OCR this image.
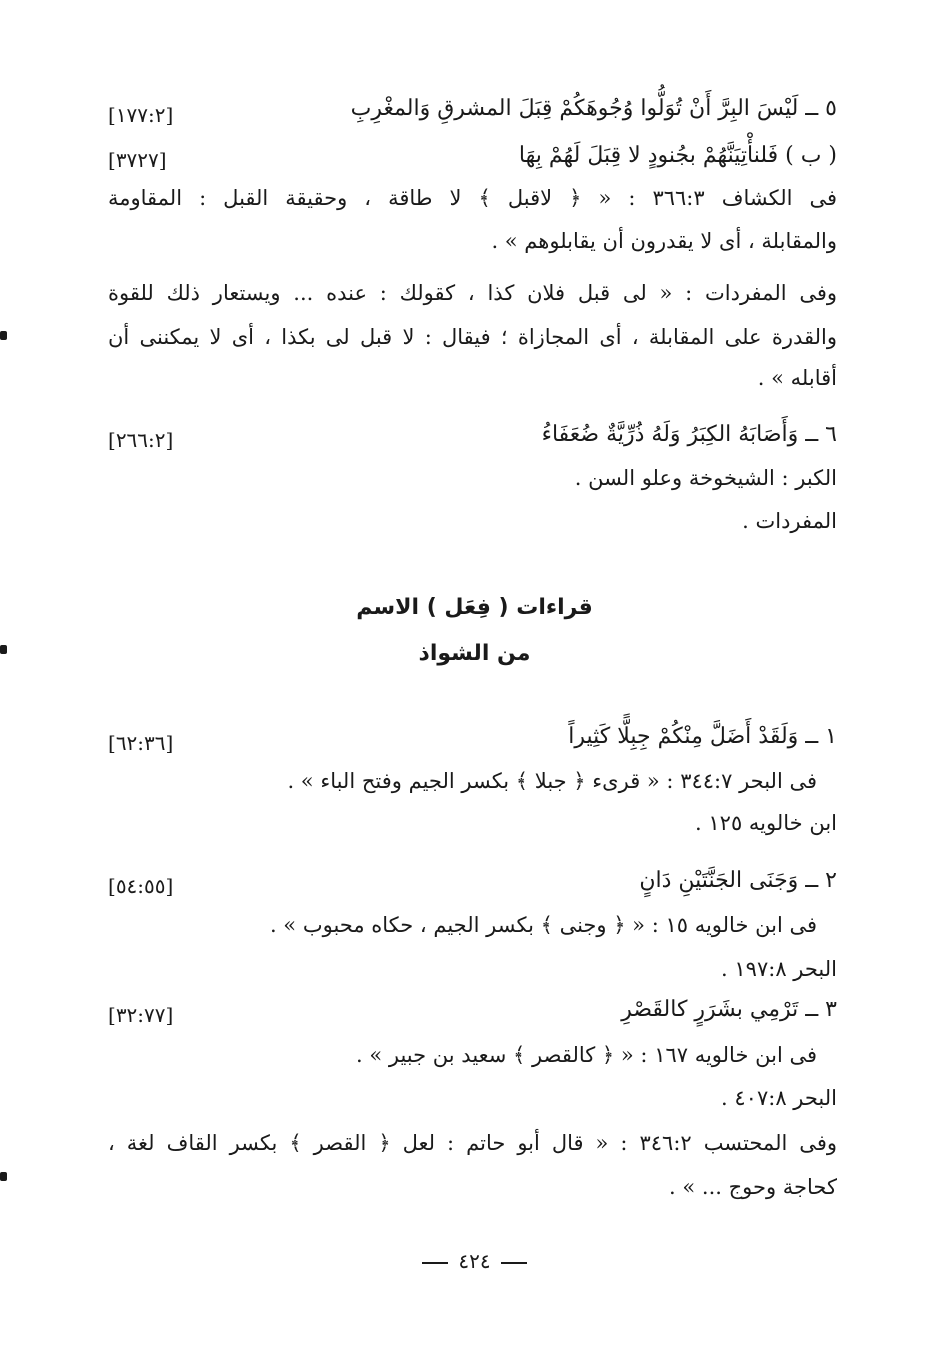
٥ ــ لَيْسَ البِرَّ أَنْ تُوَلُّوا وُجُوهَكُمْ قِبَلَ المشرقِ وَالمغْرِبِ
[١٧٧:٢]
( ب ) فَلنأْتِيَنَّهُمْ بجُنودٍ لا قِبَلَ لَهُمْ بِهَا
[٣٧٢٧]
فى الكشاف ٣٦٦:٣ : « ﴿ لاقبل ﴾ لا طاقة ، وحقيقة القبل : المقاومة
والمقابلة ، أى لا يقدرون أن يقابلوهم » .
وفى المفردات : « لى قبل فلان كذا ، كقولك : عنده ... ويستعار ذلك للقوة
والقدرة على المقابلة ، أى المجازاة ؛ فيقال : لا قبل لى بكذا ، أى لا يمكننى أن
أقابله » .
٦ ــ وَأَصَابَهُ الكِبَرُ وَلَهُ ذُرِّيَّةٌ ضُعَفَاءُ
[٢٦٦:٢]
الكبر : الشيخوخة وعلو السن .
المفردات .
قراءات ( فِعَل ) الاسم
من الشواذ
١ ــ وَلَقَدْ أَضَلَّ مِنْكُمْ جِبِلًّا كَثِيراً
[٦٢:٣٦]
فى البحر ٣٤٤:٧ : « قرىء ﴿ جبلا ﴾ بكسر الجيم وفتح الباء » .
ابن خالويه ١٢٥ .
٢ ــ وَجَنَى الجَنَّتَيْنِ دَانٍ
[٥٤:٥٥]
فى ابن خالويه ١٥ : « ﴿ وجنى ﴾ بكسر الجيم ، حكاه محبوب » .
البحر ١٩٧:٨ .
٣ ــ تَرْمِي بشَرَرٍ كالقَصْرِ
[٣٢:٧٧]
فى ابن خالويه ١٦٧ : « ﴿ كالقصر ﴾ سعيد بن جبير » .
البحر ٤٠٧:٨ .
وفى المحتسب ٣٤٦:٢ : « قال أبو حاتم : لعل ﴿ القصر ﴾ بكسر القاف لغة ،
كحاجة وحوج ... » .
٤٢٤
